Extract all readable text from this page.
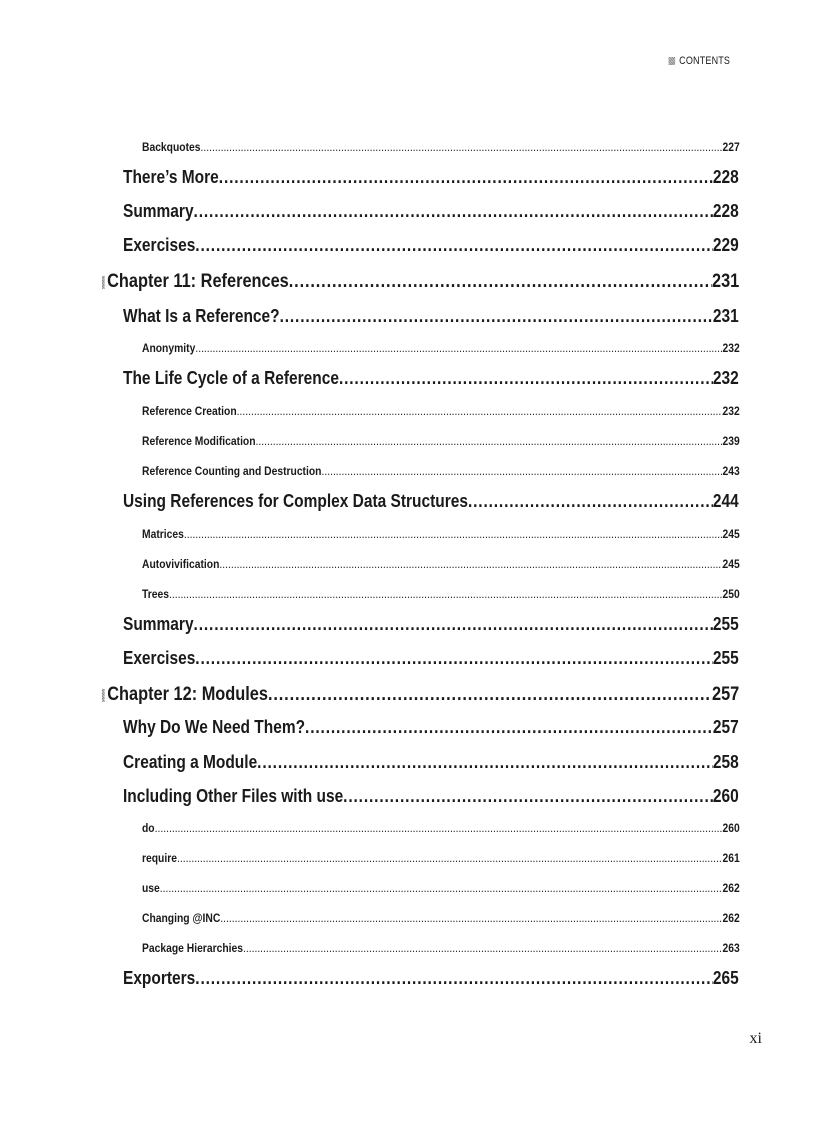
CONTENTS
Backquotes .....	227
There’s More .....	228
Summary .....	228
Exercises .....	229
Chapter 11: References .....	231
What Is a Reference? .....	231
Anonymity .....	232
The Life Cycle of a Reference .....	232
Reference Creation .....	232
Reference Modification .....	239
Reference Counting and Destruction .....	243
Using References for Complex Data Structures .....	244
Matrices .....	245
Autovivification .....	245
Trees .....	250
Summary .....	255
Exercises .....	255
Chapter 12: Modules .....	257
Why Do We Need Them? .....	257
Creating a Module .....	258
Including Other Files with use .....	260
do .....	260
require .....	261
use .....	262
Changing @INC .....	262
Package Hierarchies .....	263
Exporters .....	265
xi
